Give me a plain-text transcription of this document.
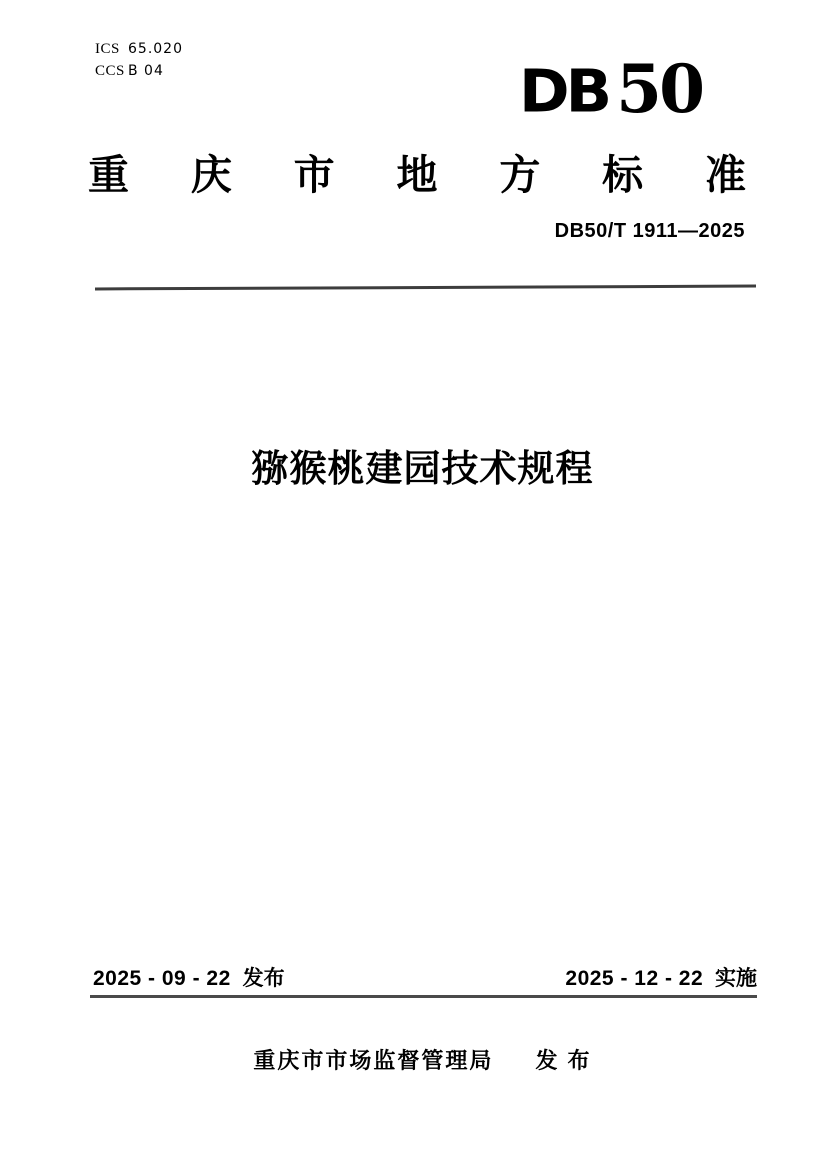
ICS 65.020
CCS B 04	DB 50
重 庆 市 地 方 标 准
DB50/T 1911—2025
猕猴桃建园技术规程
2025 - 09 - 22 发布	2025 - 12 - 22 实施
重庆市市场监督管理局 发 布
